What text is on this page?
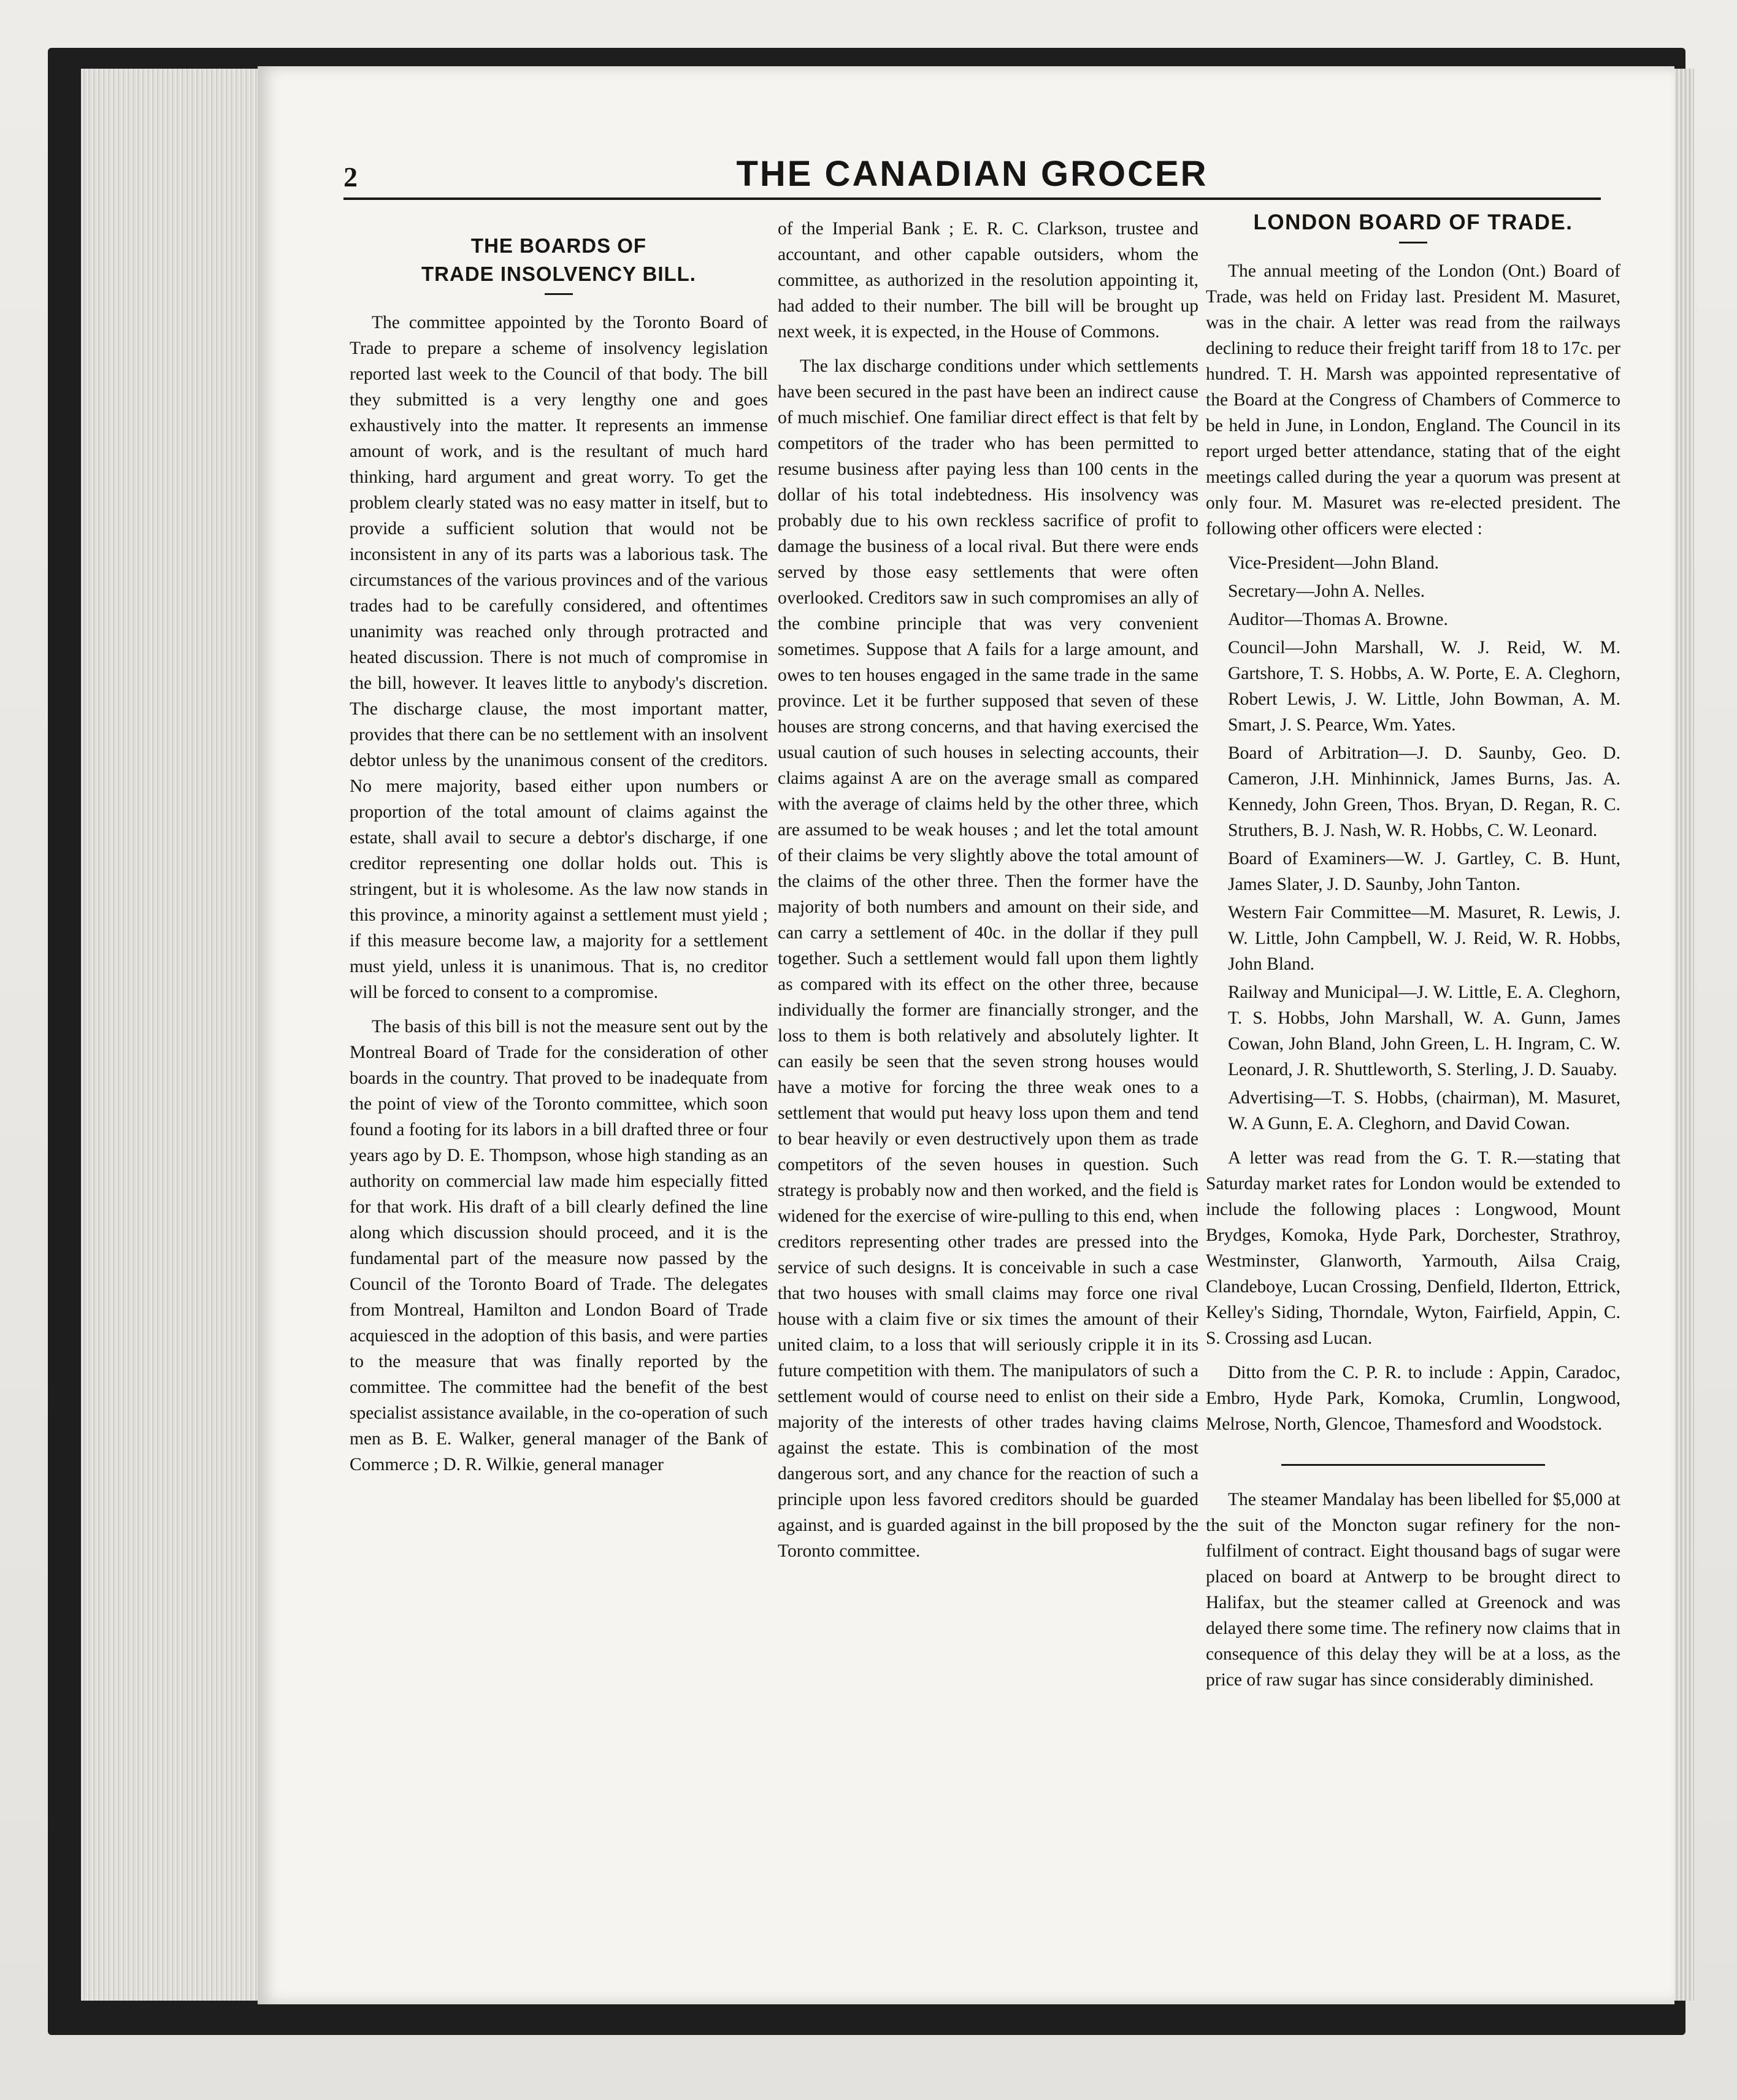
2	THE CANADIAN GROCER
THE BOARDS OF
TRADE INSOLVENCY BILL.

The committee appointed by the Toronto Board of Trade to prepare a scheme of insolvency legislation reported last week to the Council of that body. The bill they submitted is a very lengthy one and goes exhaustively into the matter. It represents an immense amount of work, and is the resultant of much hard thinking, hard argument and great worry. To get the problem clearly stated was no easy matter in itself, but to provide a sufficient solution that would not be inconsistent in any of its parts was a laborious task. The circumstances of the various provinces and of the various trades had to be carefully considered, and oftentimes unanimity was reached only through protracted and heated discussion. There is not much of compromise in the bill, however. It leaves little to anybody's discretion. The discharge clause, the most important matter, provides that there can be no settlement with an insolvent debtor unless by the unanimous consent of the creditors. No mere majority, based either upon numbers or proportion of the total amount of claims against the estate, shall avail to secure a debtor's discharge, if one creditor representing one dollar holds out. This is stringent, but it is wholesome. As the law now stands in this province, a minority against a settlement must yield ; if this measure become law, a majority for a settlement must yield, unless it is unanimous. That is, no creditor will be forced to consent to a compromise.

The basis of this bill is not the measure sent out by the Montreal Board of Trade for the consideration of other boards in the country. That proved to be inadequate from the point of view of the Toronto committee, which soon found a footing for its labors in a bill drafted three or four years ago by D. E. Thompson, whose high standing as an authority on commercial law made him especially fitted for that work. His draft of a bill clearly defined the line along which discussion should proceed, and it is the fundamental part of the measure now passed by the Council of the Toronto Board of Trade. The delegates from Montreal, Hamilton and London Board of Trade acquiesced in the adoption of this basis, and were parties to the measure that was finally reported by the committee. The committee had the benefit of the best specialist assistance available, in the co-operation of such men as B. E. Walker, general manager of the Bank of Commerce ; D. R. Wilkie, general manager

of the Imperial Bank ; E. R. C. Clarkson, trustee and accountant, and other capable outsiders, whom the committee, as authorized in the resolution appointing it, had added to their number. The bill will be brought up next week, it is expected, in the House of Commons.

The lax discharge conditions under which settlements have been secured in the past have been an indirect cause of much mischief. One familiar direct effect is that felt by competitors of the trader who has been permitted to resume business after paying less than 100 cents in the dollar of his total indebtedness. His insolvency was probably due to his own reckless sacrifice of profit to damage the business of a local rival. But there were ends served by those easy settlements that were often overlooked. Creditors saw in such compromises an ally of the combine principle that was very convenient sometimes. Suppose that A fails for a large amount, and owes to ten houses engaged in the same trade in the same province. Let it be further supposed that seven of these houses are strong concerns, and that having exercised the usual caution of such houses in selecting accounts, their claims against A are on the average small as compared with the average of claims held by the other three, which are assumed to be weak houses ; and let the total amount of their claims be very slightly above the total amount of the claims of the other three. Then the former have the majority of both numbers and amount on their side, and can carry a settlement of 40c. in the dollar if they pull together. Such a settlement would fall upon them lightly as compared with its effect on the other three, because individually the former are financially stronger, and the loss to them is both relatively and absolutely lighter. It can easily be seen that the seven strong houses would have a motive for forcing the three weak ones to a settlement that would put heavy loss upon them and tend to bear heavily or even destructively upon them as trade competitors of the seven houses in question. Such strategy is probably now and then worked, and the field is widened for the exercise of wire-pulling to this end, when creditors representing other trades are pressed into the service of such designs. It is conceivable in such a case that two houses with small claims may force one rival house with a claim five or six times the amount of their united claim, to a loss that will seriously cripple it in its future competition with them. The manipulators of such a settlement would of course need to enlist on their side a majority of the interests of other trades having claims against the estate. This is combination of the most dangerous sort, and any chance for the reaction of such a principle upon less favored creditors should be guarded against, and is guarded against in the bill proposed by the Toronto committee.

LONDON BOARD OF TRADE.

The annual meeting of the London (Ont.) Board of Trade, was held on Friday last. President M. Masuret, was in the chair. A letter was read from the railways declining to reduce their freight tariff from 18 to 17c. per hundred. T. H. Marsh was appointed representative of the Board at the Congress of Chambers of Commerce to be held in June, in London, England. The Council in its report urged better attendance, stating that of the eight meetings called during the year a quorum was present at only four. M. Masuret was re-elected president. The following other officers were elected :

Vice-President—John Bland.

Secretary—John A. Nelles.

Auditor—Thomas A. Browne.

Council—John Marshall, W. J. Reid, W. M. Gartshore, T. S. Hobbs, A. W. Porte, E. A. Cleghorn, Robert Lewis, J. W. Little, John Bowman, A. M. Smart, J. S. Pearce, Wm. Yates.

Board of Arbitration—J. D. Saunby, Geo. D. Cameron, J.H. Minhinnick, James Burns, Jas. A. Kennedy, John Green, Thos. Bryan, D. Regan, R. C. Struthers, B. J. Nash, W. R. Hobbs, C. W. Leonard.

Board of Examiners—W. J. Gartley, C. B. Hunt, James Slater, J. D. Saunby, John Tanton.

Western Fair Committee—M. Masuret, R. Lewis, J. W. Little, John Campbell, W. J. Reid, W. R. Hobbs, John Bland.

Railway and Municipal—J. W. Little, E. A. Cleghorn, T. S. Hobbs, John Marshall, W. A. Gunn, James Cowan, John Bland, John Green, L. H. Ingram, C. W. Leonard, J. R. Shuttleworth, S. Sterling, J. D. Sauaby.

Advertising—T. S. Hobbs, (chairman), M. Masuret, W. A Gunn, E. A. Cleghorn, and David Cowan.

A letter was read from the G. T. R.—stating that Saturday market rates for London would be extended to include the following places : Longwood, Mount Brydges, Komoka, Hyde Park, Dorchester, Strathroy, Westminster, Glanworth, Yarmouth, Ailsa Craig, Clandeboye, Lucan Crossing, Denfield, Ilderton, Ettrick, Kelley's Siding, Thorndale, Wyton, Fairfield, Appin, C. S. Crossing asd Lucan.

Ditto from the C. P. R. to include : Appin, Caradoc, Embro, Hyde Park, Komoka, Crumlin, Longwood, Melrose, North, Glencoe, Thamesford and Woodstock.

The steamer Mandalay has been libelled for $5,000 at the suit of the Moncton sugar refinery for the non-fulfilment of contract. Eight thousand bags of sugar were placed on board at Antwerp to be brought direct to Halifax, but the steamer called at Greenock and was delayed there some time. The refinery now claims that in consequence of this delay they will be at a loss, as the price of raw sugar has since considerably diminished.
